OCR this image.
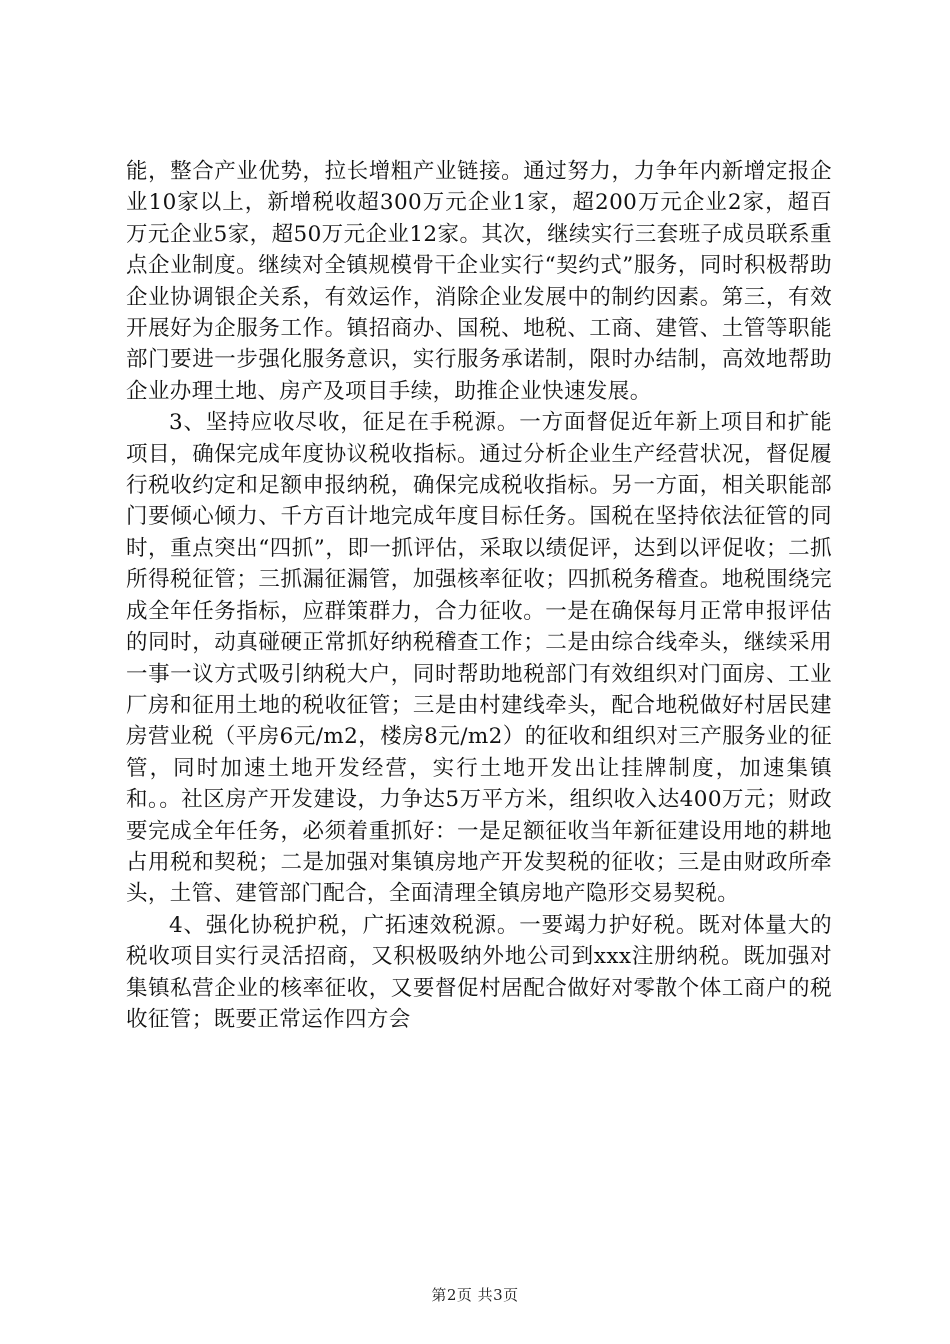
能，整合产业优势，拉长增粗产业链接。通过努力，力争年内新增定报企业10家以上，新增税收超300万元企业1家，超200万元企业2家，超百万元企业5家，超50万元企业12家。其次，继续实行三套班子成员联系重点企业制度。继续对全镇规模骨干企业实行“契约式”服务，同时积极帮助企业协调银企关系，有效运作，消除企业发展中的制约因素。第三，有效开展好为企服务工作。镇招商办、国税、地税、工商、建管、土管等职能部门要进一步强化服务意识，实行服务承诺制，限时办结制，高效地帮助企业办理土地、房产及项目手续，助推企业快速发展。

3、坚持应收尽收，征足在手税源。一方面督促近年新上项目和扩能项目，确保完成年度协议税收指标。通过分析企业生产经营状况，督促履行税收约定和足额申报纳税，确保完成税收指标。另一方面，相关职能部门要倾心倾力、千方百计地完成年度目标任务。国税在坚持依法征管的同时，重点突出“四抓”，即一抓评估，采取以绩促评，达到以评促收；二抓所得税征管；三抓漏征漏管，加强核率征收；四抓税务稽查。地税围绕完成全年任务指标，应群策群力，合力征收。一是在确保每月正常申报评估的同时，动真碰硬正常抓好纳税稽查工作；二是由综合线牵头，继续采用一事一议方式吸引纳税大户，同时帮助地税部门有效组织对门面房、工业厂房和征用土地的税收征管；三是由村建线牵头，配合地税做好村居民建房营业税（平房6元/m2，楼房8元/m2）的征收和组织对三产服务业的征管，同时加速土地开发经营，实行土地开发出让挂牌制度，加速集镇和。。社区房产开发建设，力争达5万平方米，组织收入达400万元；财政要完成全年任务，必须着重抓好：一是足额征收当年新征建设用地的耕地占用税和契税；二是加强对集镇房地产开发契税的征收；三是由财政所牵头，土管、建管部门配合，全面清理全镇房地产隐形交易契税。

4、强化协税护税，广拓速效税源。一要竭力护好税。既对体量大的税收项目实行灵活招商，又积极吸纳外地公司到xxx注册纳税。既加强对集镇私营企业的核率征收，又要督促村居配合做好对零散个体工商户的税收征管；既要正常运作四方会

第2页 共3页
